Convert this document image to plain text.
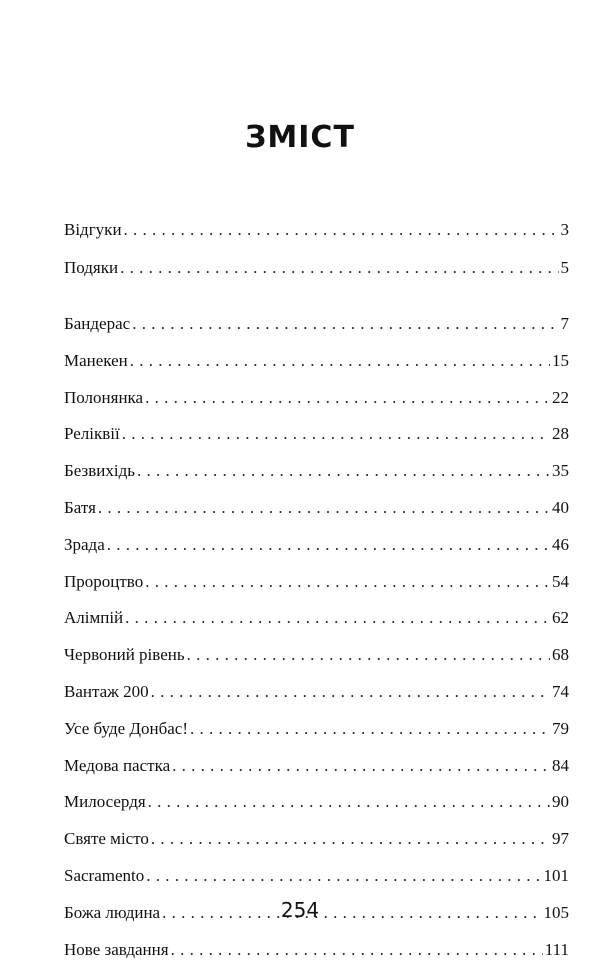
ЗМІСТ
Відгуки . . .	3
Подяки . . .	5
Бандерас . . .	7
Манекен . . .	15
Полонянка . . .	22
Реліквії . . .	28
Безвихідь . . .	35
Батя . . .	40
Зрада . . .	46
Пророцтво . . .	54
Алімпій . . .	62
Червоний рівень . . .	68
Вантаж 200 . . .	74
Усе буде Донбас! . . .	79
Медова пастка . . .	84
Милосердя . . .	90
Святе місто . . .	97
Sacramento . . .	101
Божа людина . . .	105
Нове завдання . . .	111
254
